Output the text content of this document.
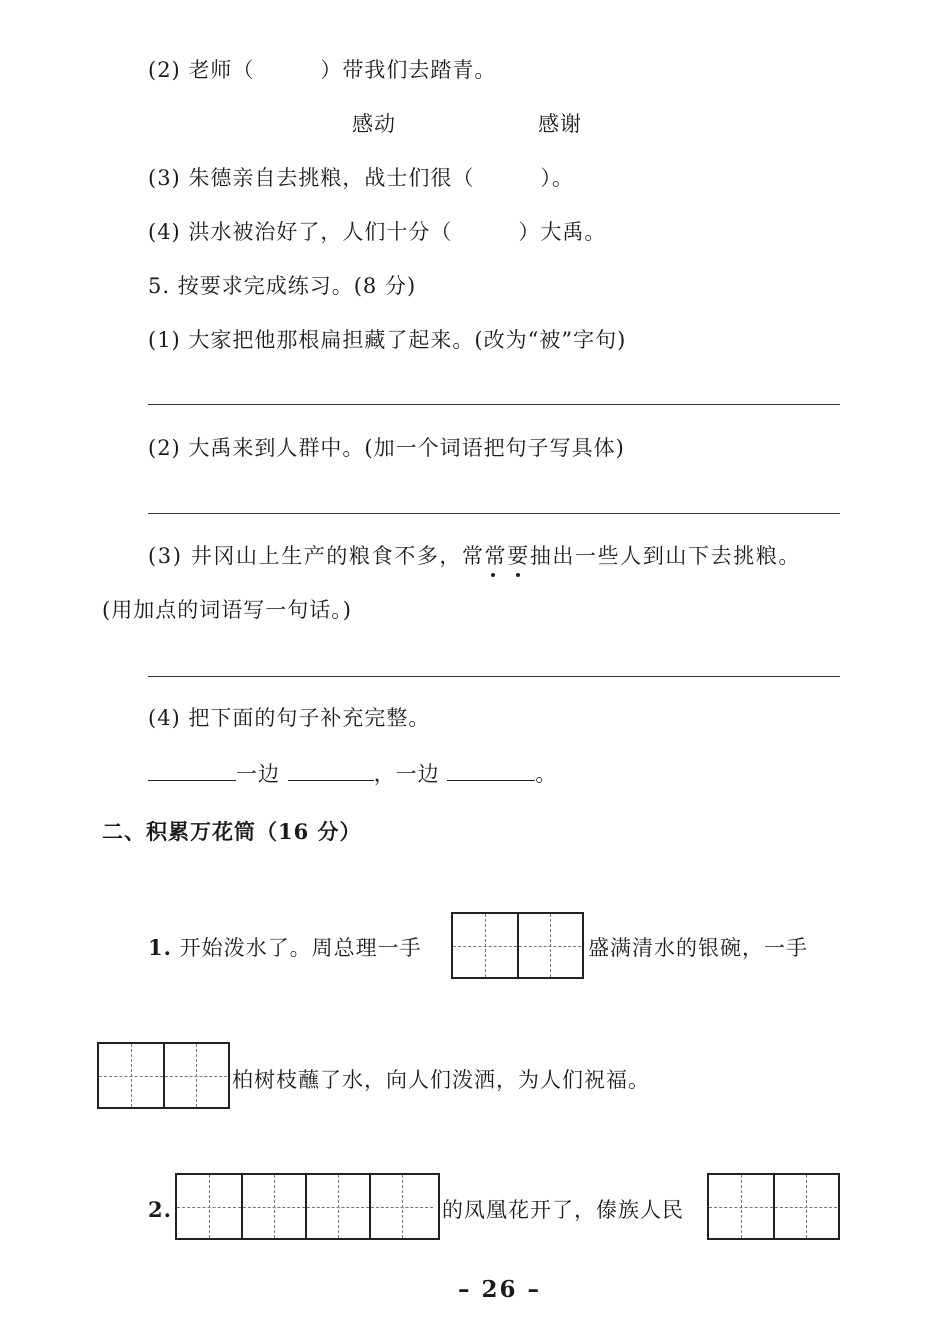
(2) 老师（　　　）带我们去踏青。
感动	感谢
(3) 朱德亲自去挑粮，战士们很（　　　）。
(4) 洪水被治好了，人们十分（　　　）大禹。
5. 按要求完成练习。(8 分)
(1) 大家把他那根扁担藏了起来。(改为“被”字句)
(2) 大禹来到人群中。(加一个词语把句子写具体)
(3) 井冈山上生产的粮食不多，常常要抽出一些人到山下去挑粮。
(用加点的词语写一句话。)
(4) 把下面的句子补充完整。
一边	，一边	。
二、积累万花筒（16 分）
1. 开始泼水了。周总理一手	盛满清水的银碗，一手
柏树枝蘸了水，向人们泼洒，为人们祝福。
2.	的凤凰花开了，傣族人民
– 26 –
